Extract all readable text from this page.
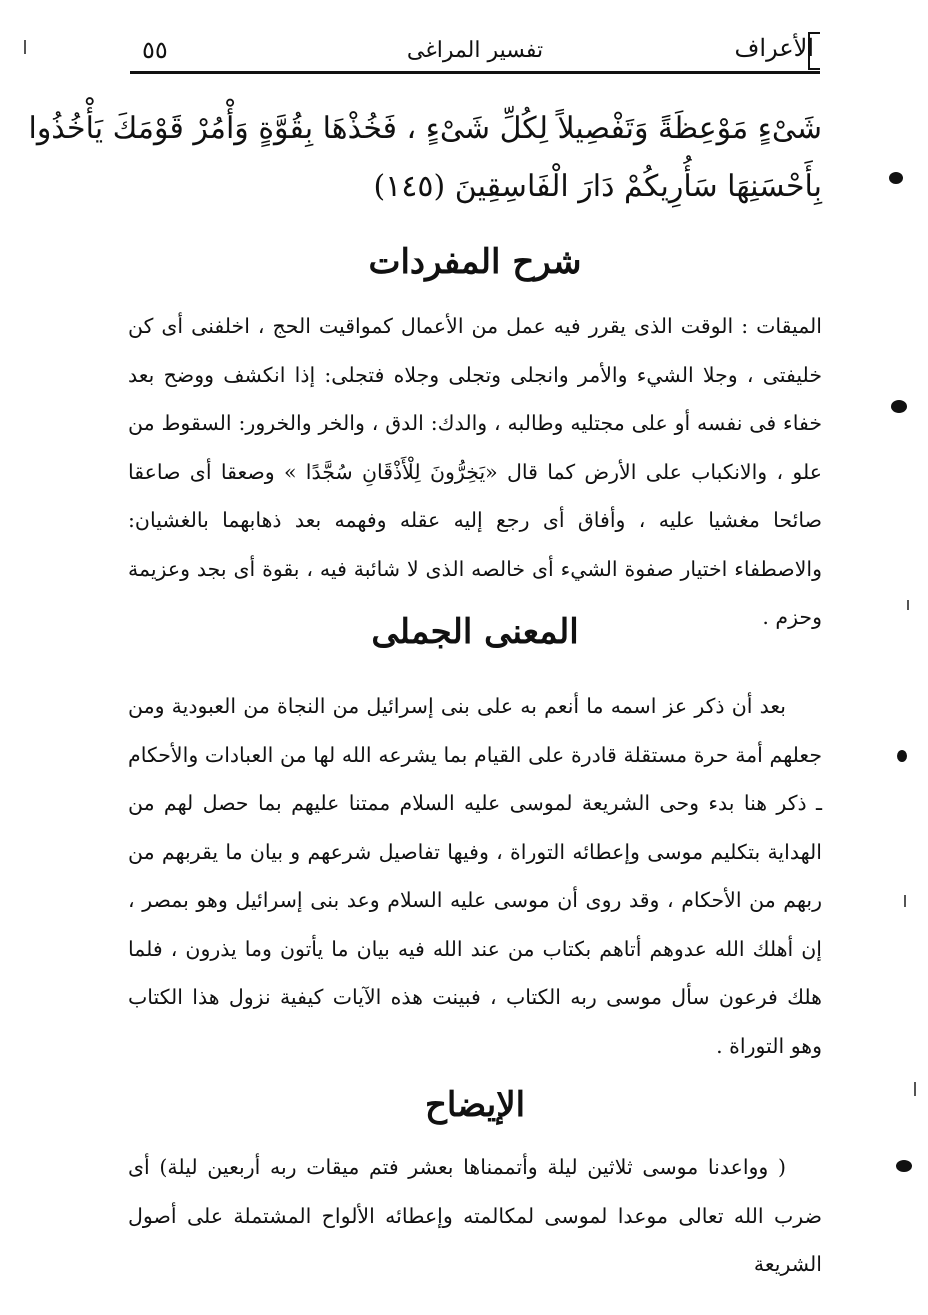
٥٥	تفسير المراغى	الأعراف
شَىْءٍ مَوْعِظَةً وَتَفْصِيلاً لِكُلِّ شَىْءٍ ، فَخُذْهَا بِقُوَّةٍ وَأْمُرْ قَوْمَكَ يَأْخُذُوا
بِأَحْسَنِهَا سَأُرِيكُمْ دَارَ الْفَاسِقِينَ (١٤٥)
شرح المفردات

الميقات : الوقت الذى يقرر فيه عمل من الأعمال كمواقيت الحج ، اخلفنى أى كن خليفتى ، وجلا الشيء والأمر وانجلى وتجلى وجلاه فتجلى: إذا انكشف ووضح بعد خفاء فى نفسه أو على مجتليه وطالبه ، والدك: الدق ، والخر والخرور: السقوط من علو ، والانكباب على الأرض كما قال «يَخِرُّونَ لِلْأَذْقَانِ سُجَّدًا » وصعقا أى صاعقا صائحا مغشيا عليه ، وأفاق أى رجع إليه عقله وفهمه بعد ذهابهما بالغشيان: والاصطفاء اختيار صفوة الشيء أى خالصه الذى لا شائبة فيه ، بقوة أى بجد وعزيمة وحزم .

المعنى الجملى

بعد أن ذكر عز اسمه ما أنعم به على بنى إسرائيل من النجاة من العبودية ومن جعلهم أمة حرة مستقلة قادرة على القيام بما يشرعه الله لها من العبادات والأحكام ـ ذكر هنا بدء وحى الشريعة لموسى عليه السلام ممتنا عليهم بما حصل لهم من الهداية بتكليم موسى وإعطائه التوراة ، وفيها تفاصيل شرعهم و بيان ما يقربهم من ربهم من الأحكام ، وقد روى أن موسى عليه السلام وعد بنى إسرائيل وهو بمصر ، إن أهلك الله عدوهم أتاهم بكتاب من عند الله فيه بيان ما يأتون وما يذرون ، فلما هلك فرعون سأل موسى ربه الكتاب ، فبينت هذه الآيات كيفية نزول هذا الكتاب وهو التوراة .

الإيضاح

( وواعدنا موسى ثلاثين ليلة وأتممناها بعشر فتم ميقات ربه أربعين ليلة) أى ضرب الله تعالى موعدا لموسى لمكالمته وإعطائه الألواح المشتملة على أصول الشريعة
